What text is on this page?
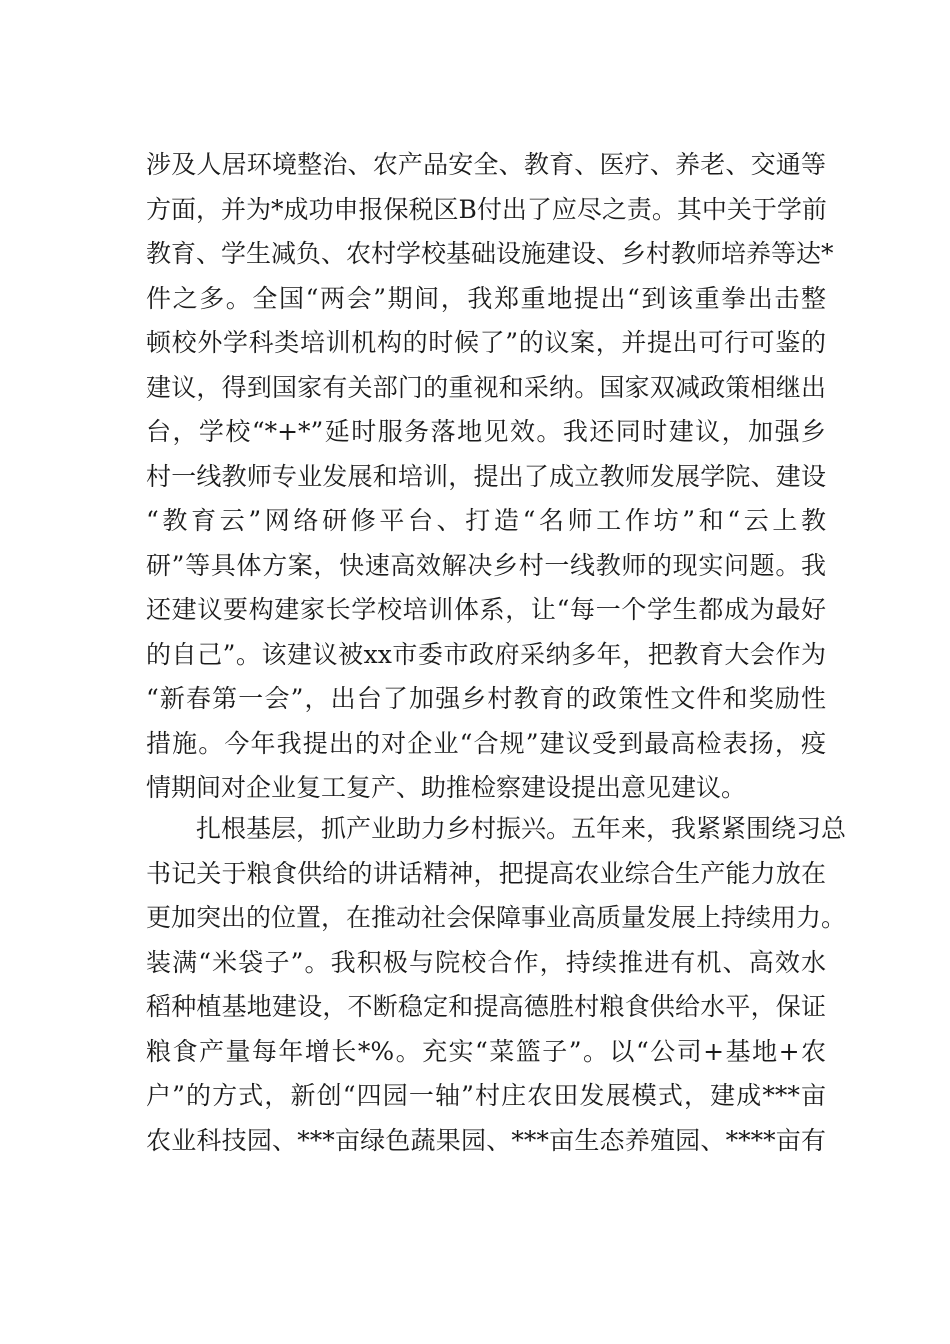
涉及人居环境整治、农产品安全、教育、医疗、养老、交通等
方面，并为*成功申报保税区B付出了应尽之责。其中关于学前
教育、学生减负、农村学校基础设施建设、乡村教师培养等达*
件之多。全国“两会”期间，我郑重地提出“到该重拳出击整
顿校外学科类培训机构的时候了”的议案，并提出可行可鉴的
建议，得到国家有关部门的重视和采纳。国家双减政策相继出
台，学校“*+*”延时服务落地见效。我还同时建议，加强乡
村一线教师专业发展和培训，提出了成立教师发展学院、建设
“教育云”网络研修平台、打造“名师工作坊”和“云上教
研”等具体方案，快速高效解决乡村一线教师的现实问题。我
还建议要构建家长学校培训体系，让“每一个学生都成为最好
的自己”。该建议被xx市委市政府采纳多年，把教育大会作为
“新春第一会”，出台了加强乡村教育的政策性文件和奖励性
措施。今年我提出的对企业“合规”建议受到最高检表扬，疫
情期间对企业复工复产、助推检察建设提出意见建议。
扎根基层，抓产业助力乡村振兴。五年来，我紧紧围绕习总
书记关于粮食供给的讲话精神，把提高农业综合生产能力放在
更加突出的位置，在推动社会保障事业高质量发展上持续用力。
装满“米袋子”。我积极与院校合作，持续推进有机、高效水
稻种植基地建设，不断稳定和提高德胜村粮食供给水平，保证
粮食产量每年增长*%。充实“菜篮子”。以“公司+基地+农
户”的方式，新创“四园一轴”村庄农田发展模式，建成***亩
农业科技园、***亩绿色蔬果园、***亩生态养殖园、****亩有
